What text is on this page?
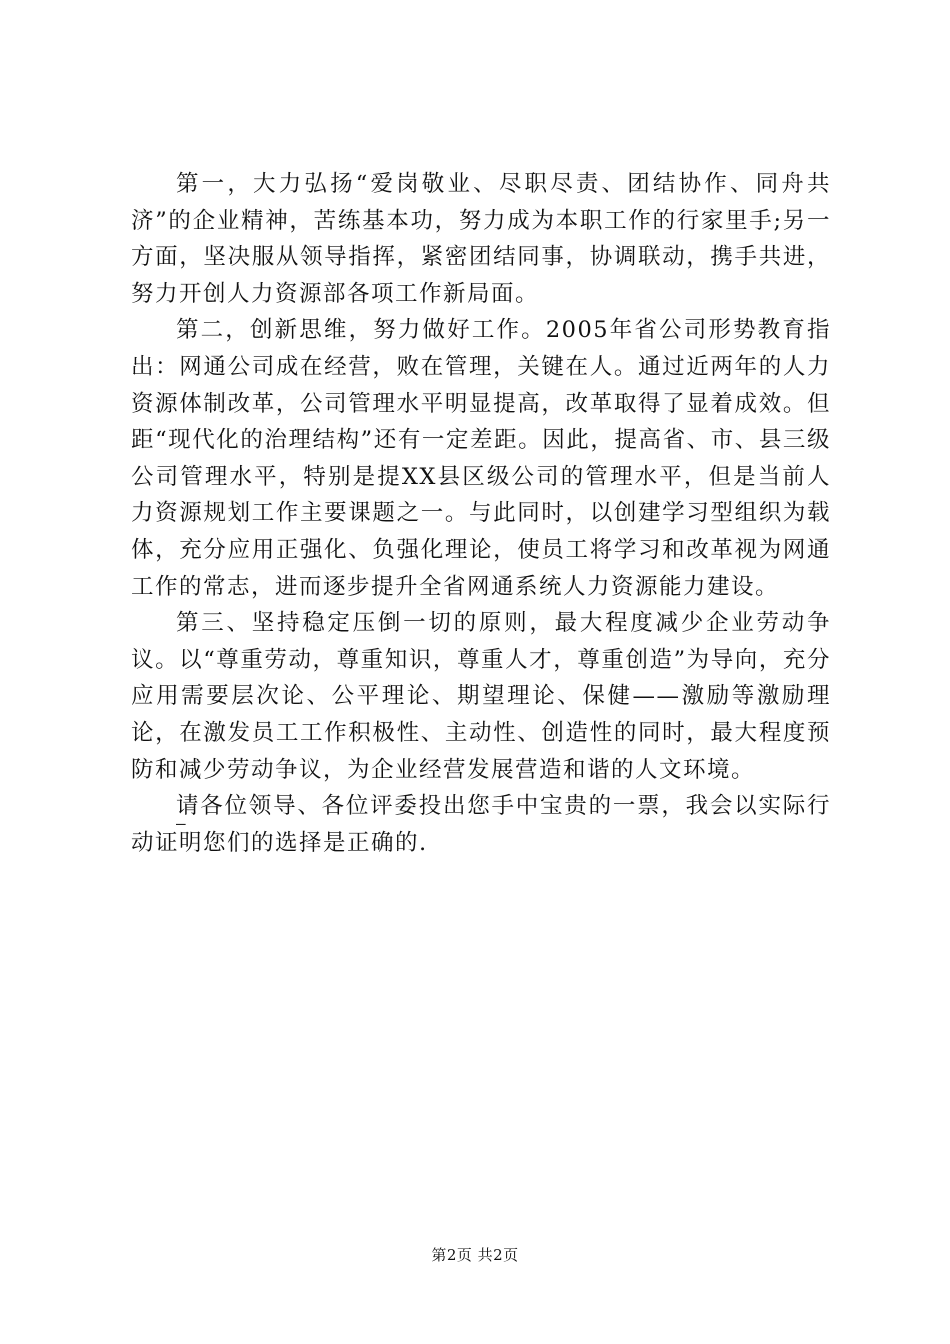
第一，大力弘扬“爱岗敬业、尽职尽责、团结协作、同舟共济”的企业精神，苦练基本功，努力成为本职工作的行家里手;另一方面，坚决服从领导指挥，紧密团结同事，协调联动，携手共进，努力开创人力资源部各项工作新局面。

第二，创新思维，努力做好工作。2005年省公司形势教育指出：网通公司成在经营，败在管理，关键在人。通过近两年的人力资源体制改革，公司管理水平明显提高，改革取得了显着成效。但距“现代化的治理结构”还有一定差距。因此，提高省、市、县三级公司管理水平，特别是提XX县区级公司的管理水平，但是当前人力资源规划工作主要课题之一。与此同时，以创建学习型组织为载体，充分应用正强化、负强化理论，使员工将学习和改革视为网通工作的常志，进而逐步提升全省网通系统人力资源能力建设。

第三、坚持稳定压倒一切的原则，最大程度减少企业劳动争议。以“尊重劳动，尊重知识，尊重人才，尊重创造”为导向，充分应用需要层次论、公平理论、期望理论、保健——激励等激励理论，在激发员工工作积极性、主动性、创造性的同时，最大程度预防和减少劳动争议，为企业经营发展营造和谐的人文环境。

请各位领导、各位评委投出您手中宝贵的一票，我会以实际行动证明您们的选择是正确的.

–
第2页 共2页
